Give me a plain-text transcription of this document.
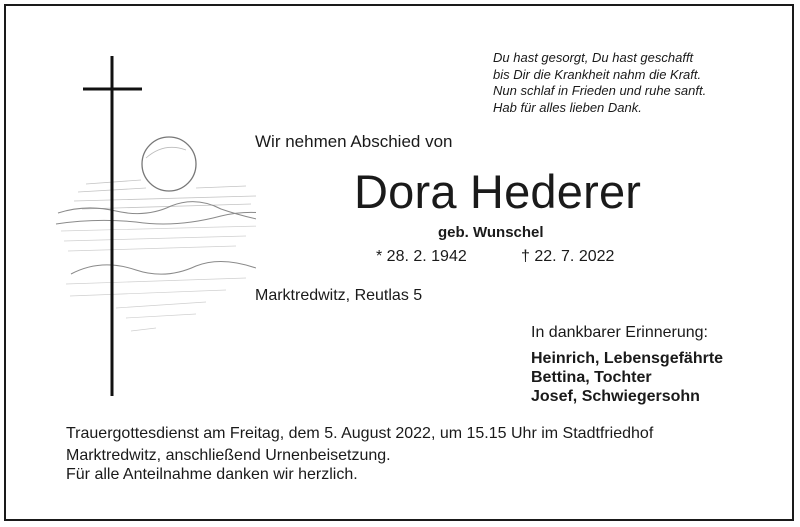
Du hast gesorgt, Du hast geschafft
bis Dir die Krankheit nahm die Kraft.
Nun schlaf in Frieden und ruhe sanft.
Hab für alles lieben Dank.
Wir nehmen Abschied von
Dora Hederer
geb. Wunschel
* 28. 2. 1942	† 22. 7. 2022
Marktredwitz, Reutlas 5
In dankbarer Erinnerung:
Heinrich, Lebensgefährte
Bettina, Tochter
Josef, Schwiegersohn
Trauergottesdienst am Freitag, dem 5. August 2022, um 15.15 Uhr im Stadtfriedhof
Marktredwitz, anschließend Urnenbeisetzung.
Für alle Anteilnahme danken wir herzlich.
